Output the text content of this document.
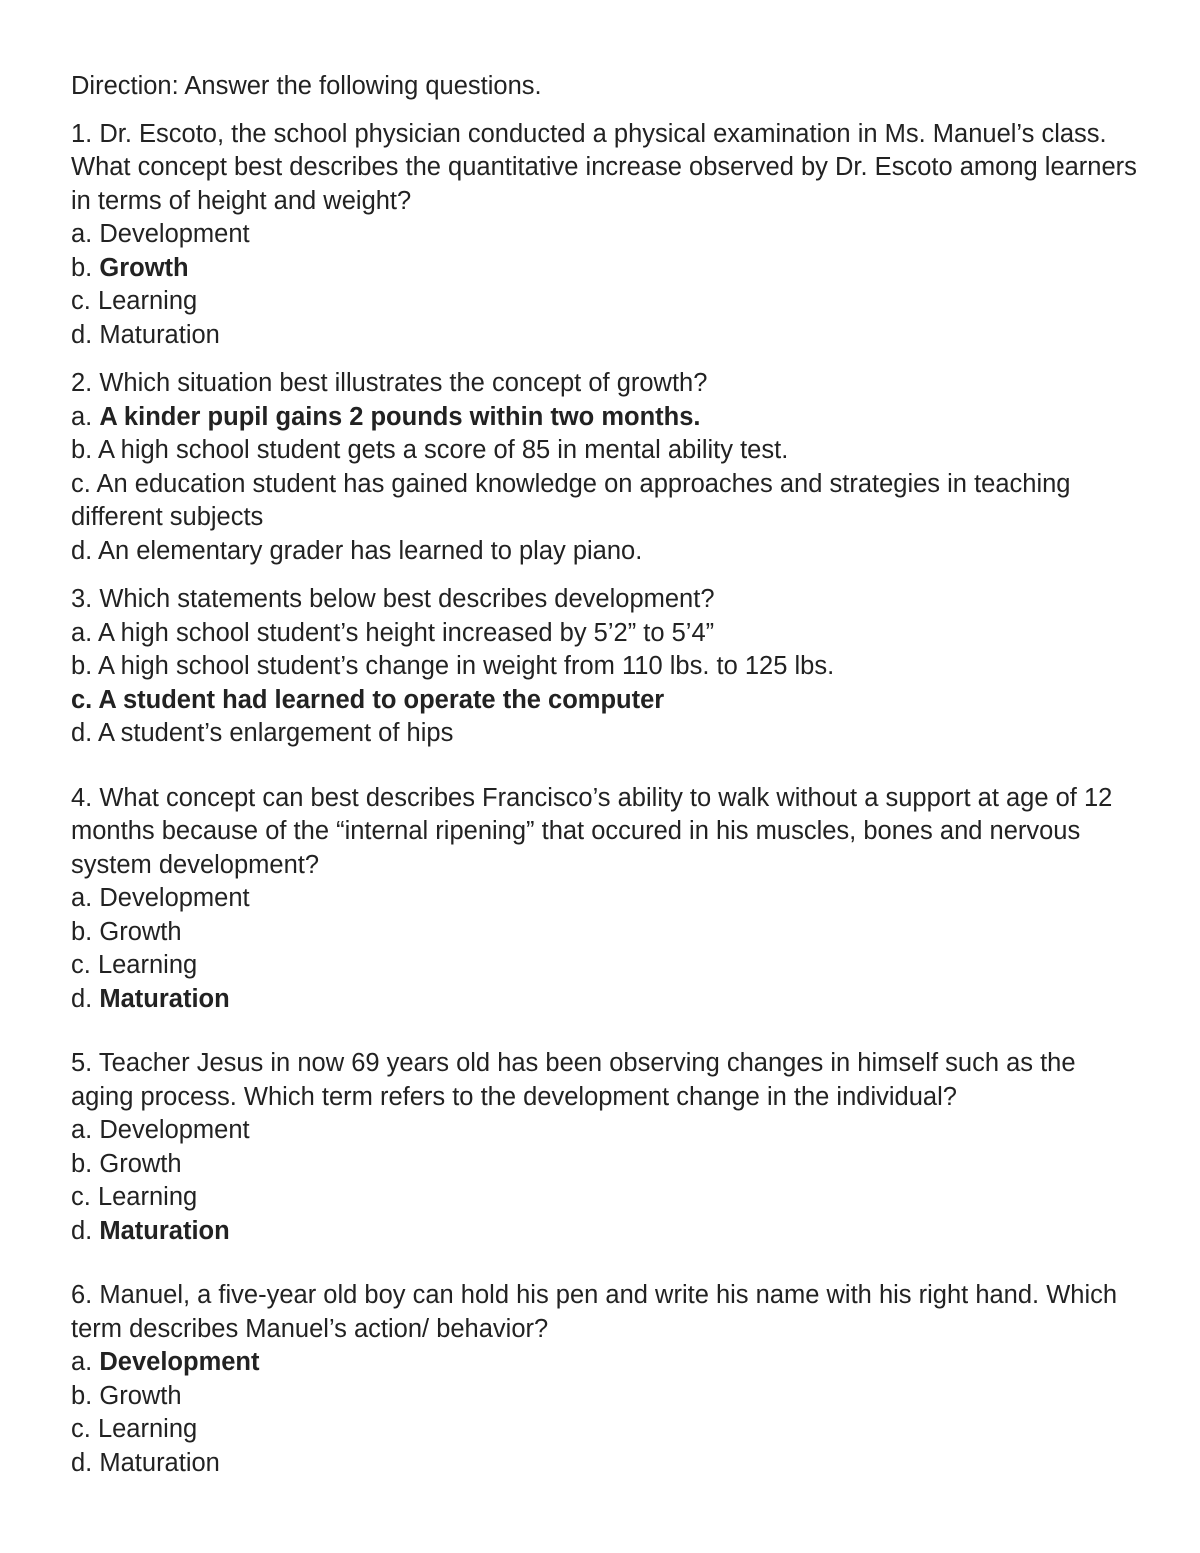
Direction: Answer the following questions.

1. Dr. Escoto, the school physician conducted a physical examination in Ms. Manuel’s class. What concept best describes the quantitative increase observed by Dr. Escoto among learners in terms of height and weight?

a. Development
b. Growth
c. Learning
d. Maturation

2. Which situation best illustrates the concept of growth?

a. A kinder pupil gains 2 pounds within two months.
b. A high school student gets a score of 85 in mental ability test.
c. An education student has gained knowledge on approaches and strategies in teaching different subjects
d. An elementary grader has learned to play piano.

3. Which statements below best describes development?

a. A high school student’s height increased by 5’2” to 5’4”
b. A high school student’s change in weight from 110 lbs. to 125 lbs.
c. A student had learned to operate the computer
d. A student’s enlargement of hips

4. What concept can best describes Francisco’s ability to walk without a support at age of 12 months because of the “internal ripening” that occured in his muscles, bones and nervous system development?

a. Development
b. Growth
c. Learning
d. Maturation

5. Teacher Jesus in now 69 years old has been observing changes in himself such as the aging process. Which term refers to the development change in the individual?

a. Development
b. Growth
c. Learning
d. Maturation

6. Manuel, a five-year old boy can hold his pen and write his name with his right hand. Which term describes Manuel’s action/ behavior?

a. Development
b. Growth
c. Learning
d. Maturation
